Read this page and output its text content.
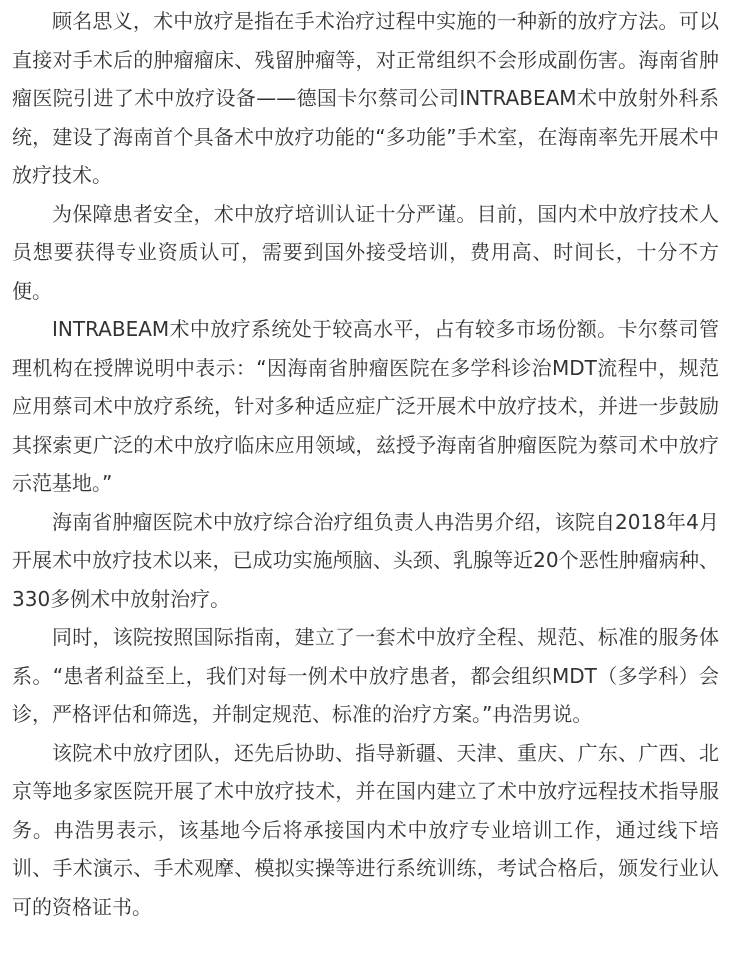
顾名思义，术中放疗是指在手术治疗过程中实施的一种新的放疗方法。可以直接对手术后的肿瘤瘤床、残留肿瘤等，对正常组织不会形成副伤害。海南省肿瘤医院引进了术中放疗设备——德国卡尔蔡司公司INTRABEAM术中放射外科系统，建设了海南首个具备术中放疗功能的“多功能”手术室，在海南率先开展术中放疗技术。

为保障患者安全，术中放疗培训认证十分严谨。目前，国内术中放疗技术人员想要获得专业资质认可，需要到国外接受培训，费用高、时间长，十分不方便。

INTRABEAM术中放疗系统处于较高水平，占有较多市场份额。卡尔蔡司管理机构在授牌说明中表示：“因海南省肿瘤医院在多学科诊治MDT流程中，规范应用蔡司术中放疗系统，针对多种适应症广泛开展术中放疗技术，并进一步鼓励其探索更广泛的术中放疗临床应用领域，兹授予海南省肿瘤医院为蔡司术中放疗示范基地。”

海南省肿瘤医院术中放疗综合治疗组负责人冉浩男介绍，该院自2018年4月开展术中放疗技术以来，已成功实施颅脑、头颈、乳腺等近20个恶性肿瘤病种、330多例术中放射治疗。

同时，该院按照国际指南，建立了一套术中放疗全程、规范、标准的服务体系。“患者利益至上，我们对每一例术中放疗患者，都会组织MDT（多学科）会诊，严格评估和筛选，并制定规范、标准的治疗方案。”冉浩男说。

该院术中放疗团队，还先后协助、指导新疆、天津、重庆、广东、广西、北京等地多家医院开展了术中放疗技术，并在国内建立了术中放疗远程技术指导服务。冉浩男表示，该基地今后将承接国内术中放疗专业培训工作，通过线下培训、手术演示、手术观摩、模拟实操等进行系统训练，考试合格后，颁发行业认可的资格证书。
